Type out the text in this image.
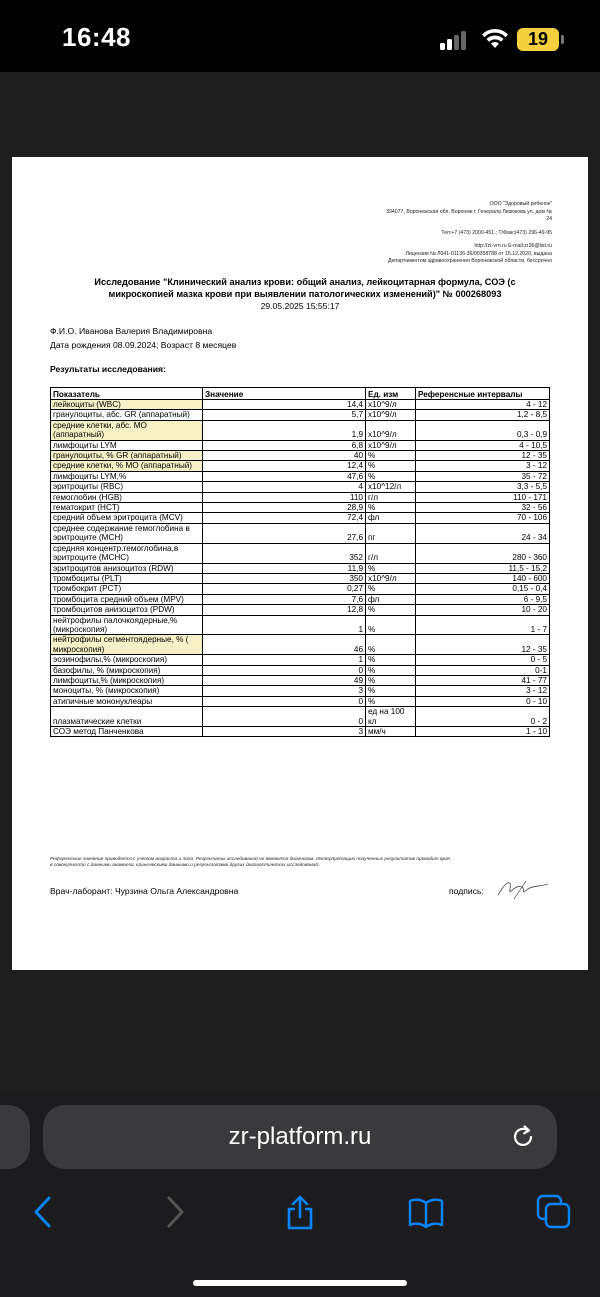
16:48	19

ООО "Здоровый ребенок"

394077, Воронежская обл, Воронеж г, Генерала Лизюкова ул, дом №

24

Тел:+7 (473) 2000-451,; Т/Факс(473) 296-49-95

http://zr-vrn.ru E-mail:zr36@list.ru

Лицензия № Л041-01136-36/00358788 от 15.12.2020, выдана

Департаментом здравоохранения Воронежской области, бессрочно

Исследование "Клинический анализ крови: общий анализ, лейкоцитарная формула, СОЭ (с
микроскопией мазка крови при выявлении патологических изменений)" № 000268093
29.05.2025 15:55:17
Ф.И.О. Иванова Валерия Владимировна
Дата рождения 08.09.2024; Возраст 8 месяцев
Результаты исследования:
Показатель	Значение	Ед. изм	Референсные интервалы
лейкоциты (WBC)	14,4	x10^9/л	4 - 12
гранулоциты, абс. GR (аппаратный)	5,7	x10^9/л	1,2 - 8,5
средние клетки, абс. MO (аппаратный)	1,9	x10^9/л	0,3 - 0,9
лимфоциты LYM	6,8	x10^9/л	4 - 10,5
гранулоциты, % GR (аппаратный)	40	%	12 - 35
средние клетки, % MO (аппаратный)	12,4	%	3 - 12
лимфоциты LYM,%	47,6	%	35 - 72
эритроциты (RBC)	4	x10^12/л	3,3 - 5,5
гемоглобин (HGB)	110	г/л	110 - 171
гематокрит (HCT)	28,9	%	32 - 56
средний объем эритроцита (MCV)	72,4	фл	70 - 106
среднее содержание гемоглобина в эритроците (MCH)	27,6	пг	24 - 34
средняя концентр.гемоглобина,в эритроците (MCHC)	352	г/л	280 - 360
эритроцитов анизоцитоз (RDW)	11,9	%	11,5 - 15,2
тромбоциты (PLT)	350	x10^9/л	140 - 600
тромбокрит (PCT)	0,27	%	0,15 - 0,4
тромбоцита средний объем (MPV)	7,6	фл	6 - 9,5
тромбоцитов анизоцитоз (PDW)	12,8	%	10 - 20
нейтрофилы палочкоядерные,% (микроскопия)	1	%	1 - 7
нейтрофилы сегментоядерные, % ( микроскопия)	46	%	12 - 35
эозинофилы,% (микроскопия)	1	%	0 - 5
базофилы, % (микроскопия)	0	%	0-1
лимфоциты,% (микроскопия)	49	%	41 - 77
моноциты, % (микроскопия)	3	%	3 - 12
атипичные мононуклеары	0	%	0 - 10
плазматические клетки	0	ед на 100 кл	0 - 2
СОЭ метод Панченкова	3	мм/ч	1 - 10
Референсные значения приводятся с учетом возраста и пола. Результаты исследований не являются диагнозом. Интерпретацию полученных результатов проводит врач
в совокупности с данными анамнеза, клиническими данными и результатами других диагностических исследований.
Врач-лаборант: Чурзина Ольга Александровна	подпись:
zr-platform.ru
